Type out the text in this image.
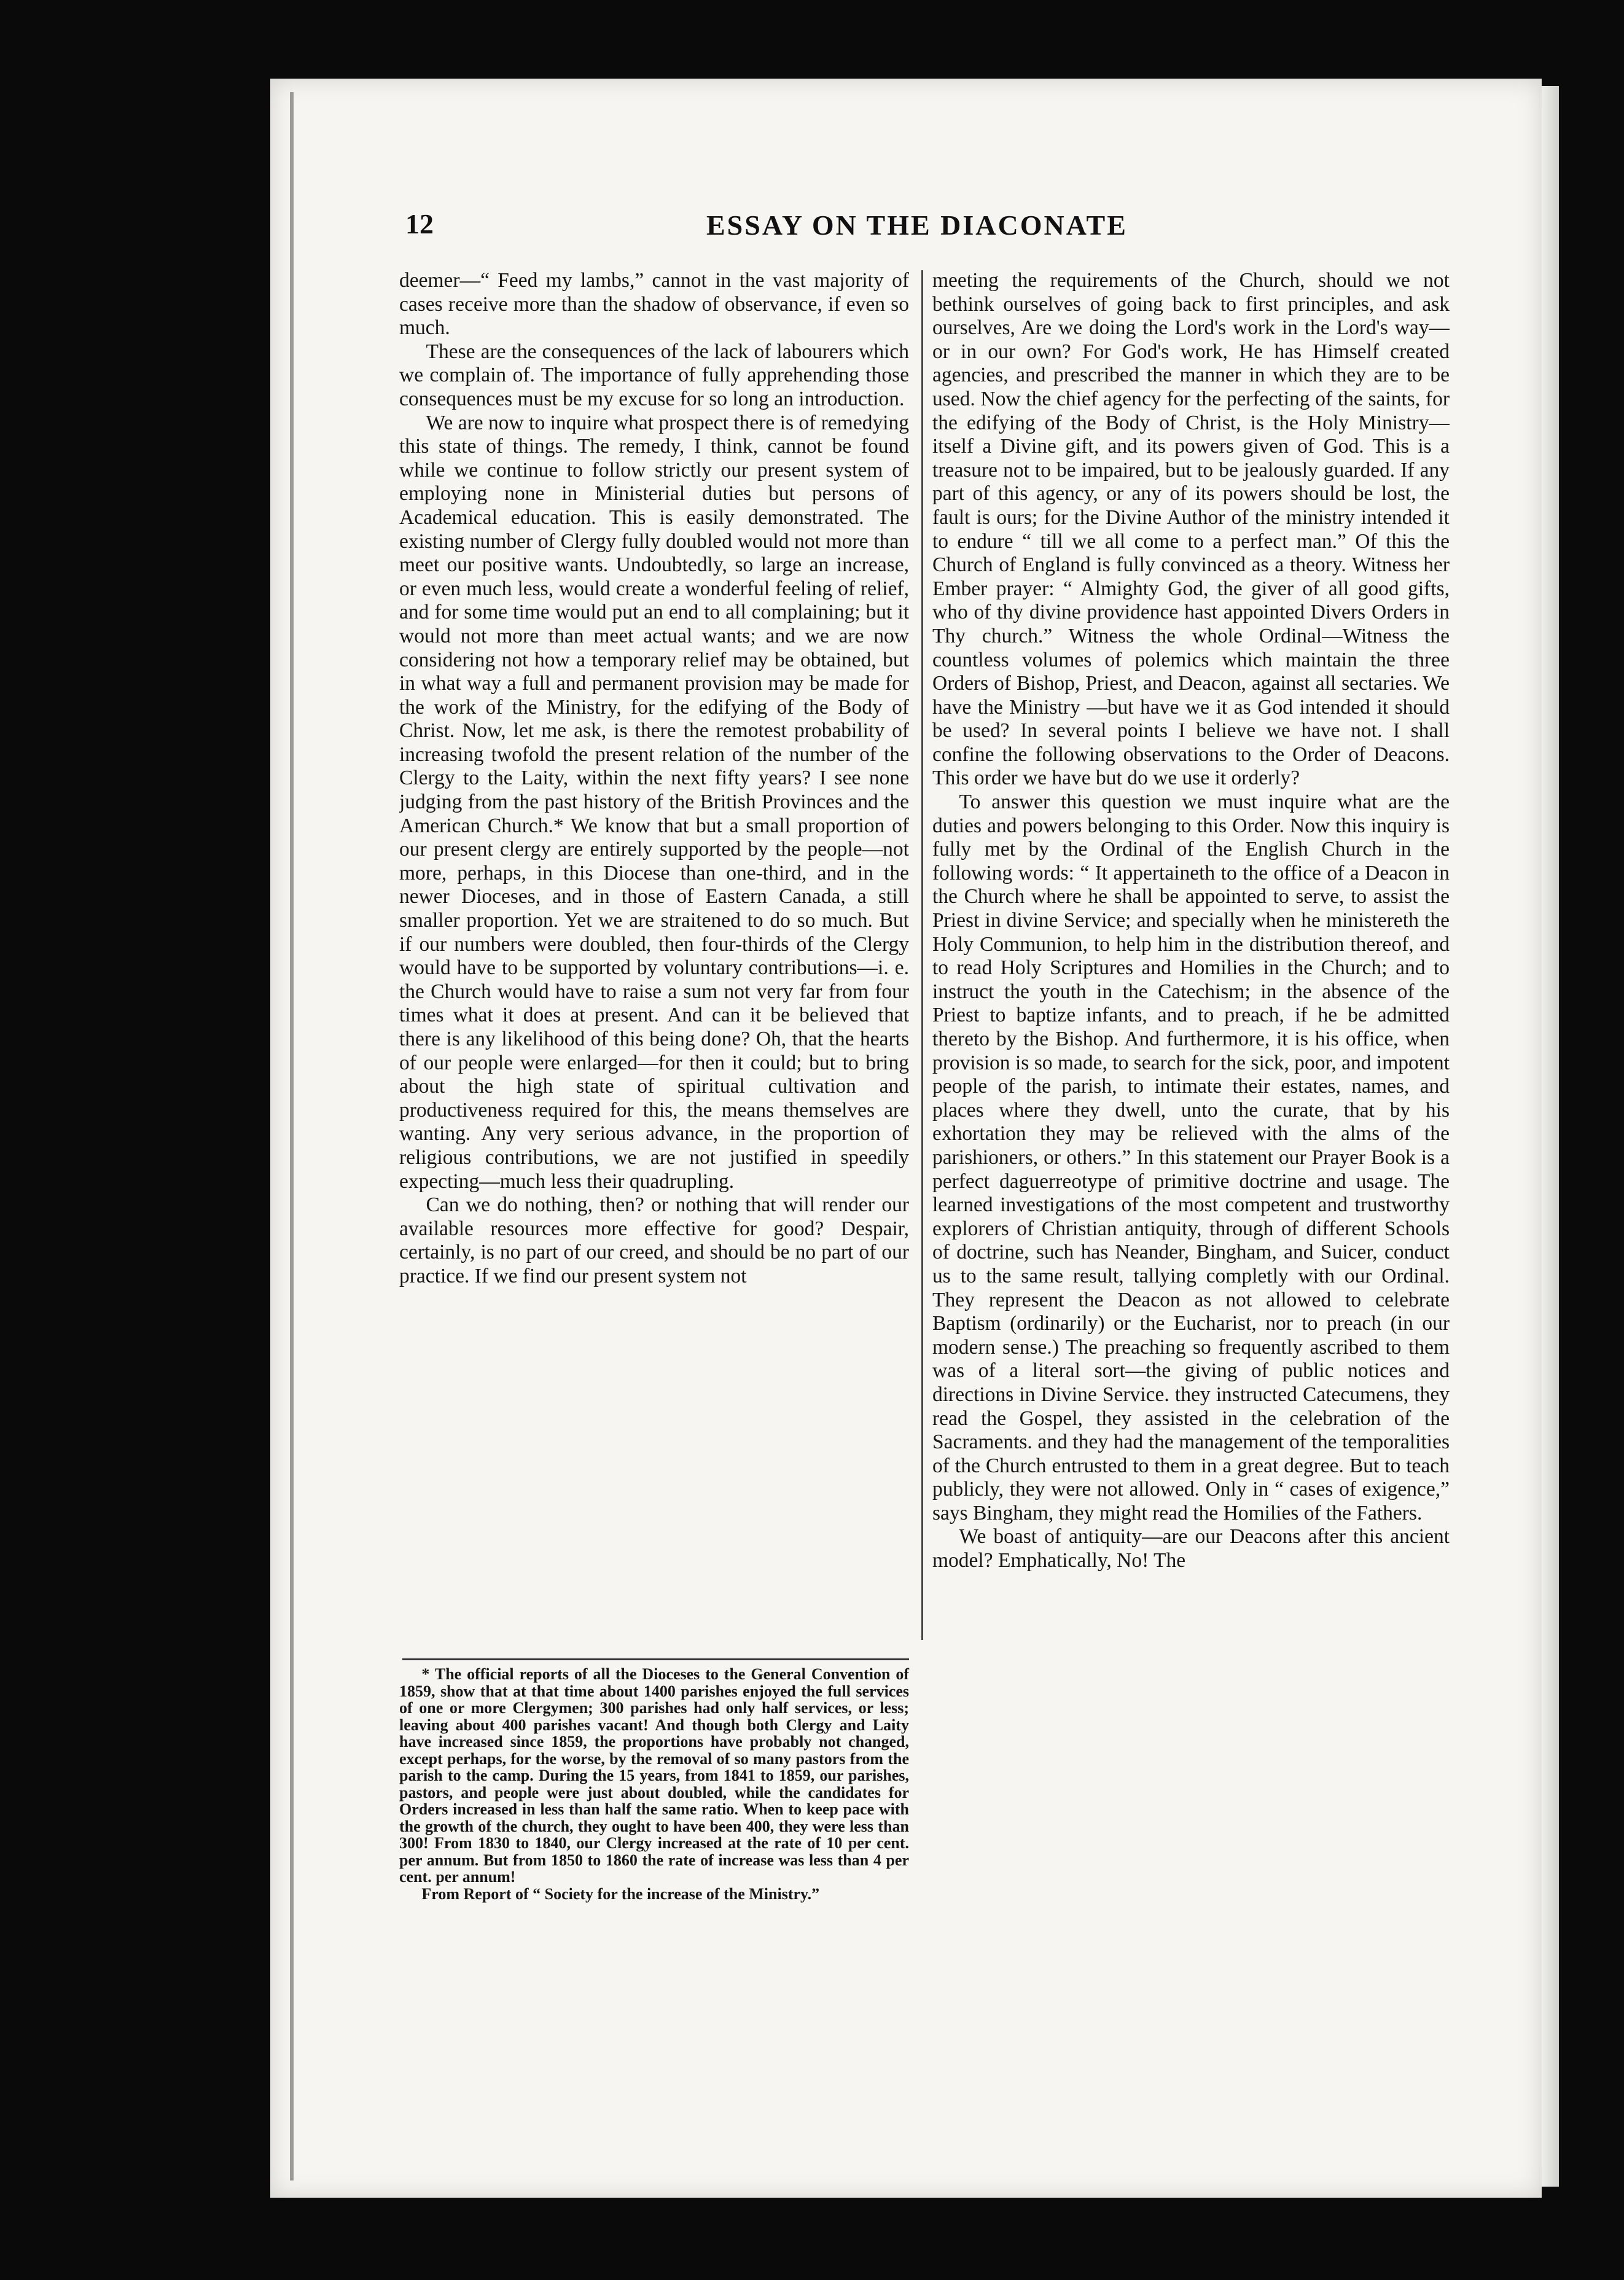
12	ESSAY ON THE DIACONATE

deemer—“ Feed my lambs,” cannot in the vast majority of cases receive more than the shadow of observance, if even so much.

These are the consequences of the lack of labourers which we complain of. The importance of fully apprehending those consequences must be my excuse for so long an introduction.

We are now to inquire what prospect there is of remedying this state of things. The remedy, I think, cannot be found while we continue to follow strictly our present system of employing none in Ministerial duties but persons of Academical education. This is easily demonstrated. The existing number of Clergy fully doubled would not more than meet our positive wants. Undoubtedly, so large an increase, or even much less, would create a wonderful feeling of relief, and for some time would put an end to all complaining; but it would not more than meet actual wants; and we are now considering not how a temporary relief may be obtained, but in what way a full and permanent provision may be made for the work of the Ministry, for the edifying of the Body of Christ. Now, let me ask, is there the remotest probability of increasing twofold the present relation of the number of the Clergy to the Laity, within the next fifty years? I see none judging from the past history of the British Provinces and the American Church.* We know that but a small proportion of our present clergy are entirely supported by the people—not more, perhaps, in this Diocese than one-third, and in the newer Dioceses, and in those of Eastern Canada, a still smaller proportion. Yet we are straitened to do so much. But if our numbers were doubled, then four-thirds of the Clergy would have to be supported by voluntary contributions—i. e. the Church would have to raise a sum not very far from four times what it does at present. And can it be believed that there is any likelihood of this being done? Oh, that the hearts of our people were enlarged—for then it could; but to bring about the high state of spiritual cultivation and productiveness required for this, the means themselves are wanting. Any very serious advance, in the proportion of religious contributions, we are not justified in speedily expecting—much less their quadrupling.

Can we do nothing, then? or nothing that will render our available resources more effective for good? Despair, certainly, is no part of our creed, and should be no part of our practice. If we find our present system not

* The official reports of all the Dioceses to the General Convention of 1859, show that at that time about 1400 parishes enjoyed the full services of one or more Clergymen; 300 parishes had only half services, or less; leaving about 400 parishes vacant! And though both Clergy and Laity have increased since 1859, the proportions have probably not changed, except perhaps, for the worse, by the removal of so many pastors from the parish to the camp. During the 15 years, from 1841 to 1859, our parishes, pastors, and people were just about doubled, while the candidates for Orders increased in less than half the same ratio. When to keep pace with the growth of the church, they ought to have been 400, they were less than 300! From 1830 to 1840, our Clergy increased at the rate of 10 per cent. per annum. But from 1850 to 1860 the rate of increase was less than 4 per cent. per annum!

From Report of “ Society for the increase of the Ministry.”

meeting the requirements of the Church, should we not bethink ourselves of going back to first principles, and ask ourselves, Are we doing the Lord's work in the Lord's way—or in our own? For God's work, He has Himself created agencies, and prescribed the manner in which they are to be used. Now the chief agency for the perfecting of the saints, for the edifying of the Body of Christ, is the Holy Ministry—itself a Divine gift, and its powers given of God. This is a treasure not to be impaired, but to be jealously guarded. If any part of this agency, or any of its powers should be lost, the fault is ours; for the Divine Author of the ministry intended it to endure “ till we all come to a perfect man.” Of this the Church of England is fully convinced as a theory. Witness her Ember prayer: “ Almighty God, the giver of all good gifts, who of thy divine providence hast appointed Divers Orders in Thy church.” Witness the whole Ordinal—Witness the countless volumes of polemics which maintain the three Orders of Bishop, Priest, and Deacon, against all sectaries. We have the Ministry —but have we it as God intended it should be used? In several points I believe we have not. I shall confine the following observations to the Order of Deacons. This order we have but do we use it orderly?

To answer this question we must inquire what are the duties and powers belonging to this Order. Now this inquiry is fully met by the Ordinal of the English Church in the following words: “ It appertaineth to the office of a Deacon in the Church where he shall be appointed to serve, to assist the Priest in divine Service; and specially when he ministereth the Holy Communion, to help him in the distribution thereof, and to read Holy Scriptures and Homilies in the Church; and to instruct the youth in the Catechism; in the absence of the Priest to baptize infants, and to preach, if he be admitted thereto by the Bishop. And furthermore, it is his office, when provision is so made, to search for the sick, poor, and impotent people of the parish, to intimate their estates, names, and places where they dwell, unto the curate, that by his exhortation they may be relieved with the alms of the parishioners, or others.” In this statement our Prayer Book is a perfect daguerreotype of primitive doctrine and usage. The learned investigations of the most competent and trustworthy explorers of Christian antiquity, through of different Schools of doctrine, such has Neander, Bingham, and Suicer, conduct us to the same result, tallying completly with our Ordinal. They represent the Deacon as not allowed to celebrate Baptism (ordinarily) or the Eucharist, nor to preach (in our modern sense.) The preaching so frequently ascribed to them was of a literal sort—the giving of public notices and directions in Divine Service. they instructed Catecumens, they read the Gospel, they assisted in the celebration of the Sacraments. and they had the management of the temporalities of the Church entrusted to them in a great degree. But to teach publicly, they were not allowed. Only in “ cases of exigence,” says Bingham, they might read the Homilies of the Fathers.

We boast of antiquity—are our Deacons after this ancient model? Emphatically, No! The
